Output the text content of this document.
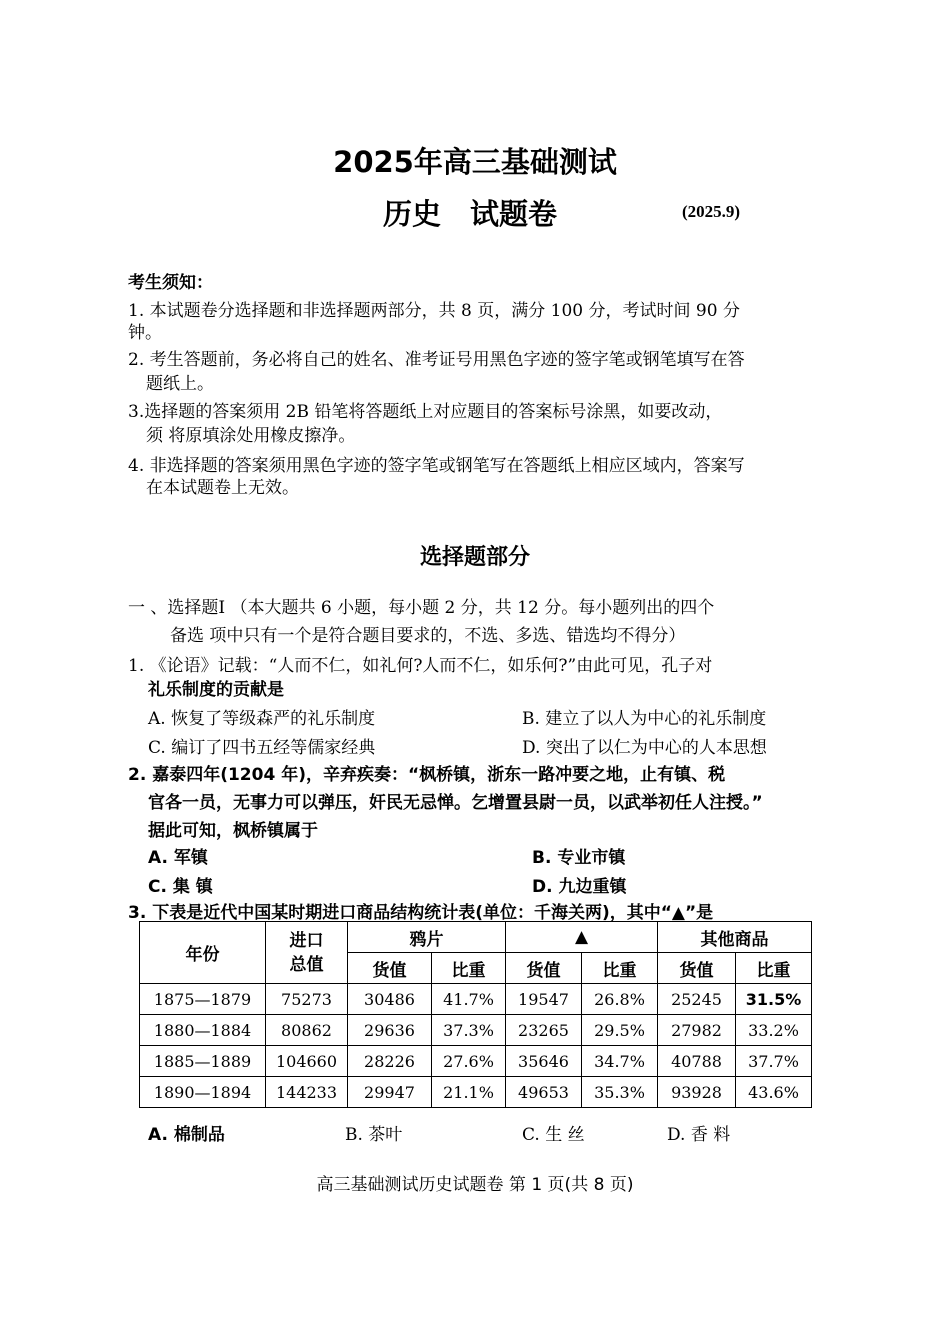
2025年高三基础测试
历史　试题卷	(2025.9)
考生须知：
1. 本试题卷分选择题和非选择题两部分，共 8 页，满分 100 分，考试时间 90 分
钟。
2. 考生答题前，务必将自己的姓名、准考证号用黑色字迹的签字笔或钢笔填写在答
题纸上。
3.选择题的答案须用 2B 铅笔将答题纸上对应题目的答案标号涂黑，如要改动，
须 将原填涂处用橡皮擦净。
4. 非选择题的答案须用黑色字迹的签字笔或钢笔写在答题纸上相应区域内，答案写
在本试题卷上无效。
选择题部分
一 、选择题Ⅰ （本大题共 6 小题，每小题 2 分，共 12 分。每小题列出的四个
备选 项中只有一个是符合题目要求的，不选、多选、错选均不得分）
1. 《论语》记载：“人而不仁，如礼何?人而不仁，如乐何?”由此可见，孔子对
礼乐制度的贡献是
A. 恢复了等级森严的礼乐制度	B. 建立了以人为中心的礼乐制度
C. 编订了四书五经等儒家经典	D. 突出了以仁为中心的人本思想
2. 嘉泰四年(1204 年)，辛弃疾奏：“枫桥镇，浙东一路冲要之地，止有镇、税
官各一员，无事力可以弹压，奸民无忌惮。乞增置县尉一员，以武举初任人注授。”
据此可知，枫桥镇属于
A. 军镇	B. 专业市镇
C. 集 镇	D. 九边重镇
3. 下表是近代中国某时期进口商品结构统计表(单位：千海关两)，其中“▲”是
年份	进口总值	鸦片		▲		其他商品	
		货值	比重	货值	比重	货值	比重
1875—1879	75273	30486	41.7%	19547	26.8%	25245	31.5%
1880—1884	80862	29636	37.3%	23265	29.5%	27982	33.2%
1885—1889	104660	28226	27.6%	35646	34.7%	40788	37.7%
1890—1894	144233	29947	21.1%	49653	35.3%	93928	43.6%
A. 棉制品	B. 茶叶	C. 生 丝	D. 香 料
高三基础测试历史试题卷 第 1 页(共 8 页)
